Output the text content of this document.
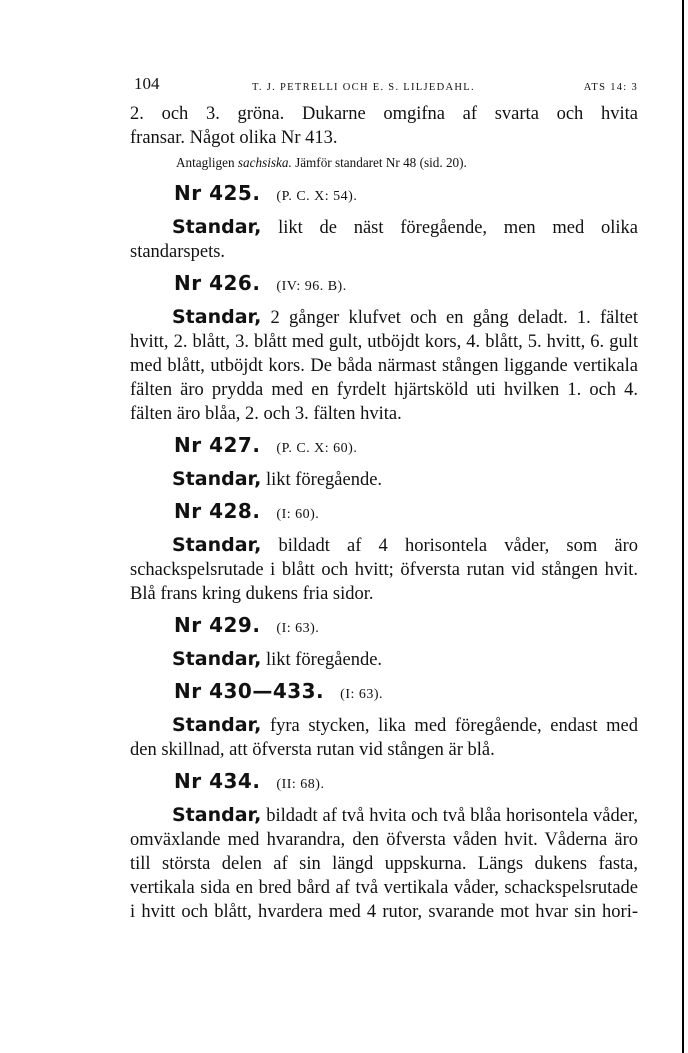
104	T. J. PETRELLI OCH E. S. LILJEDAHL.	ATS 14: 3

2. och 3. gröna. Dukarne omgifna af svarta och hvita

fransar. Något olika Nr 413.

Antagligen sachsiska. Jämför standaret Nr 48 (sid. 20).

Nr 425. (P. C. X: 54).

Standar, likt de näst föregående, men med olika standarspets.

Nr 426. (IV: 96. B).

Standar, 2 gånger klufvet och en gång deladt. 1. fältet hvitt, 2. blått, 3. blått med gult, utböjdt kors, 4. blått, 5. hvitt, 6. gult med blått, utböjdt kors. De båda närmast stången liggande vertikala fälten äro prydda med en fyrdelt hjärtsköld uti hvilken 1. och 4. fälten äro blåa, 2. och 3. fälten hvita.

Nr 427. (P. C. X: 60).

Standar, likt föregående.

Nr 428. (I: 60).

Standar, bildadt af 4 horisontela våder, som äro schackspelsrutade i blått och hvitt; öfversta rutan vid stången hvit. Blå frans kring dukens fria sidor.

Nr 429. (I: 63).

Standar, likt föregående.

Nr 430—433. (I: 63).

Standar, fyra stycken, lika med föregående, endast med den skillnad, att öfversta rutan vid stången är blå.

Nr 434. (II: 68).

Standar, bildadt af två hvita och två blåa horisontela våder, omväxlande med hvarandra, den öfversta våden hvit. Våderna äro till största delen af sin längd uppskurna. Längs dukens fasta, vertikala sida en bred bård af två vertikala våder, schackspelsrutade i hvitt och blått, hvardera med 4 rutor, svarande mot hvar sin hori-
